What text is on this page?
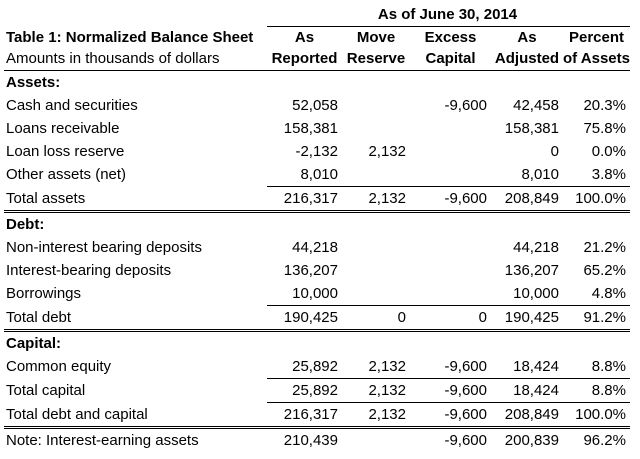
	As of June 30, 2014				
Table 1: Normalized Balance Sheet	As	Move	Excess	As	Percent
Amounts in thousands of dollars	Reported	Reserve	Capital	Adjusted	of Assets
Assets:					
Cash and securities	52,058		-9,600	42,458	20.3%
Loans receivable	158,381			158,381	75.8%
Loan loss reserve	-2,132	2,132		0	0.0%
Other assets (net)	8,010			8,010	3.8%
Total assets	216,317	2,132	-9,600	208,849	100.0%
Debt:					
Non-interest bearing deposits	44,218			44,218	21.2%
Interest-bearing deposits	136,207			136,207	65.2%
Borrowings	10,000			10,000	4.8%
Total debt	190,425	0	0	190,425	91.2%
Capital:					
Common equity	25,892	2,132	-9,600	18,424	8.8%
Total capital	25,892	2,132	-9,600	18,424	8.8%
Total debt and capital	216,317	2,132	-9,600	208,849	100.0%
Note: Interest-earning assets	210,439		-9,600	200,839	96.2%
